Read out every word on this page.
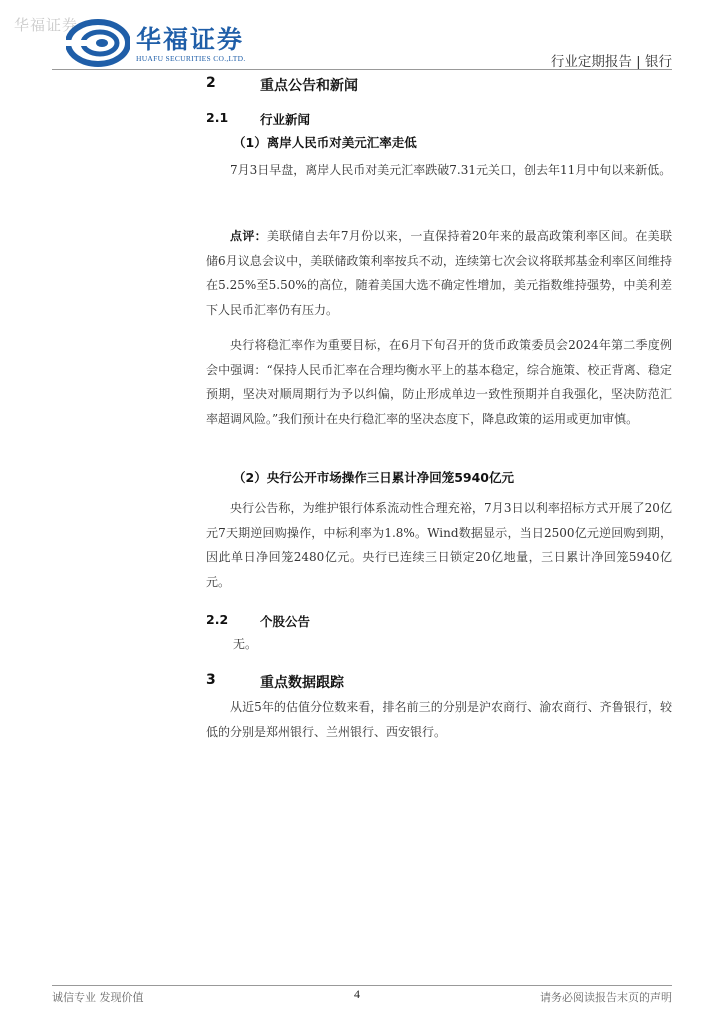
华福证券 华福证券
HUAFU SECURITIES CO.,LTD.	行业定期报告 | 银行
2	重点公告和新闻
2.1	行业新闻
（1）离岸人民币对美元汇率走低

7月3日早盘，离岸人民币对美元汇率跌破7.31元关口，创去年11月中旬以来新低。

点评：美联储自去年7月份以来，一直保持着20年来的最高政策利率区间。在美联储6月议息会议中，美联储政策利率按兵不动，连续第七次会议将联邦基金利率区间维持在5.25%至5.50%的高位，随着美国大选不确定性增加，美元指数维持强势，中美利差下人民币汇率仍有压力。

央行将稳汇率作为重要目标，在6月下旬召开的货币政策委员会2024年第二季度例会中强调：“保持人民币汇率在合理均衡水平上的基本稳定，综合施策、校正背离、稳定预期，坚决对顺周期行为予以纠偏，防止形成单边一致性预期并自我强化，坚决防范汇率超调风险。”我们预计在央行稳汇率的坚决态度下，降息政策的运用或更加审慎。

（2）央行公开市场操作三日累计净回笼5940亿元

央行公告称，为维护银行体系流动性合理充裕，7月3日以利率招标方式开展了20亿元7天期逆回购操作，中标利率为1.8%。Wind数据显示，当日2500亿元逆回购到期，因此单日净回笼2480亿元。央行已连续三日锁定20亿地量，三日累计净回笼5940亿元。

2.2	个股公告

无。

3	重点数据跟踪

从近5年的估值分位数来看，排名前三的分别是沪农商行、渝农商行、齐鲁银行，较低的分别是郑州银行、兰州银行、西安银行。

诚信专业 发现价值	4	请务必阅读报告末页的声明
